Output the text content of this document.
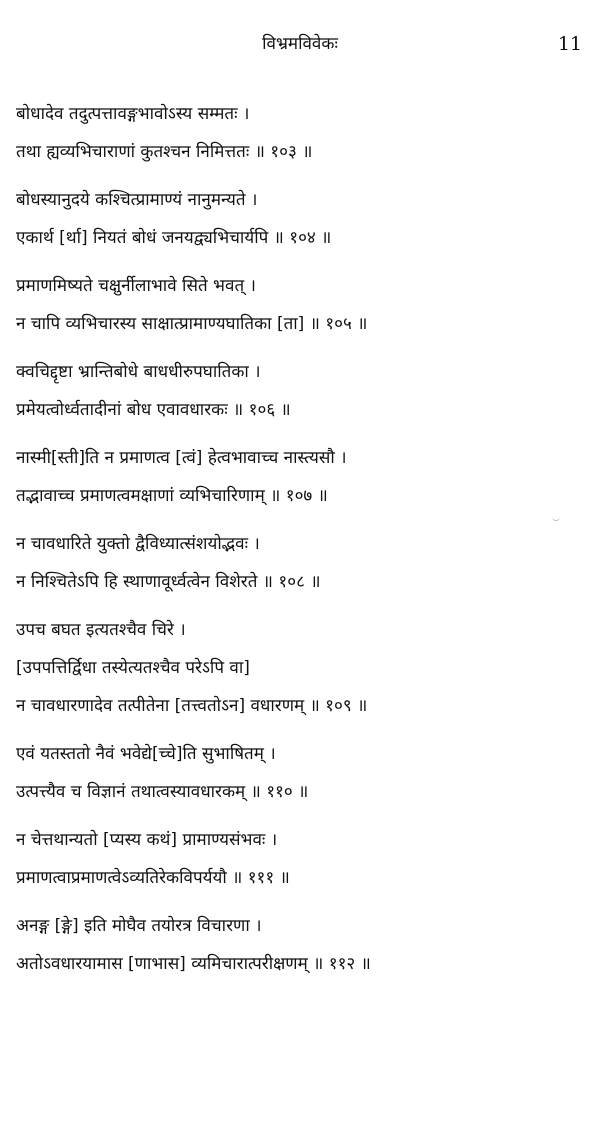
विभ्रमविवेकः	11
बोधादेव तदुत्पत्तावङ्गभावोऽस्य सम्मतः ।
तथा ह्यव्यभिचाराणां कुतश्चन निमित्ततः ॥ १०३ ॥
बोधस्यानुदये कश्चित्प्रामाण्यं नानुमन्यते ।
एकार्थ [र्था] नियतं बोधं जनयद्व्यभिचार्यपि ॥ १०४ ॥
प्रमाणमिष्यते चक्षुर्नीलाभावे सिते भवत् ।
न चापि व्यभिचारस्य साक्षात्प्रामाण्यघातिका [ता] ॥ १०५ ॥
क्वचिद्दृष्टा भ्रान्तिबोधे बाधधीरुपघातिका ।
प्रमेयत्वोर्ध्वतादीनां बोध एवावधारकः ॥ १०६ ॥
नास्मी[स्ती]ति न प्रमाणत्व [त्वं] हेत्वभावाच्च नास्त्यसौ ।
तद्भावाच्च प्रमाणत्वमक्षाणां व्यभिचारिणाम् ॥ १०७ ॥
न चावधारिते युक्तो द्वैविध्यात्संशयोद्भवः ।
न निश्चितेऽपि हि स्थाणावूर्ध्वत्वेन विशेरते ॥ १०८ ॥
उपच बघत इत्यतश्चैव चिरे ।
[उपपत्तिर्द्विधा तस्येत्यतश्चैव परेऽपि वा]
न चावधारणादेव तत्पीतेना [तत्त्वतोऽन] वधारणम् ॥ १०९ ॥
एवं यतस्ततो नैवं भवेद्ये[च्चे]ति सुभाषितम् ।
उत्पत्त्यैव च विज्ञानं तथात्वस्यावधारकम् ॥ ११० ॥
न चेत्तथान्यतो [प्यस्य कथं] प्रामाण्यसंभवः ।
प्रमाणत्वाप्रमाणत्वेऽव्यतिरेकविपर्ययौ ॥ १११ ॥
अनङ्ग [ङ्गे] इति मोघैव तयोरत्र विचारणा ।
अतोऽवधारयामास [णाभास] व्यमिचारात्परीक्षणम् ॥ ११२ ॥
